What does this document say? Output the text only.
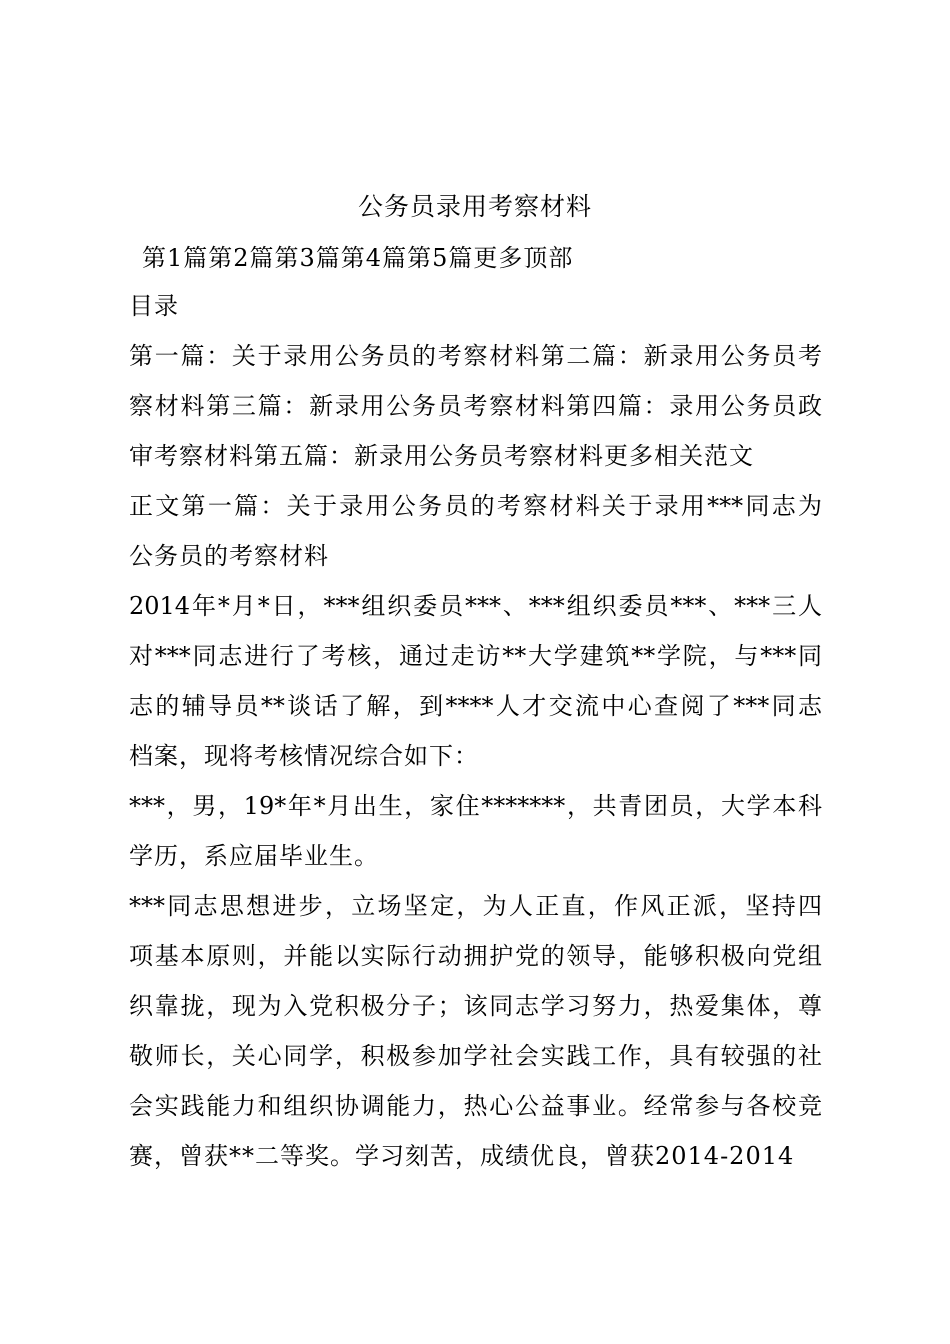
公务员录用考察材料
第1篇第2篇第3篇第4篇第5篇更多顶部
目录
第一篇：关于录用公务员的考察材料第二篇：新录用公务员考
察材料第三篇：新录用公务员考察材料第四篇：录用公务员政
审考察材料第五篇：新录用公务员考察材料更多相关范文
正文第一篇：关于录用公务员的考察材料关于录用***同志为
公务员的考察材料
2014年*月*日，***组织委员***、***组织委员***、***三人
对***同志进行了考核，通过走访**大学建筑**学院，与***同
志的辅导员**谈话了解，到****人才交流中心查阅了***同志
档案，现将考核情况综合如下：
***，男，19*年*月出生，家住*******，共青团员，大学本科
学历，系应届毕业生。
***同志思想进步，立场坚定，为人正直，作风正派，坚持四
项基本原则，并能以实际行动拥护党的领导，能够积极向党组
织靠拢，现为入党积极分子；该同志学习努力，热爱集体，尊
敬师长，关心同学，积极参加学社会实践工作，具有较强的社
会实践能力和组织协调能力，热心公益事业。经常参与各校竞
赛，曾获**二等奖。学习刻苦，成绩优良，曾获2014-2014
